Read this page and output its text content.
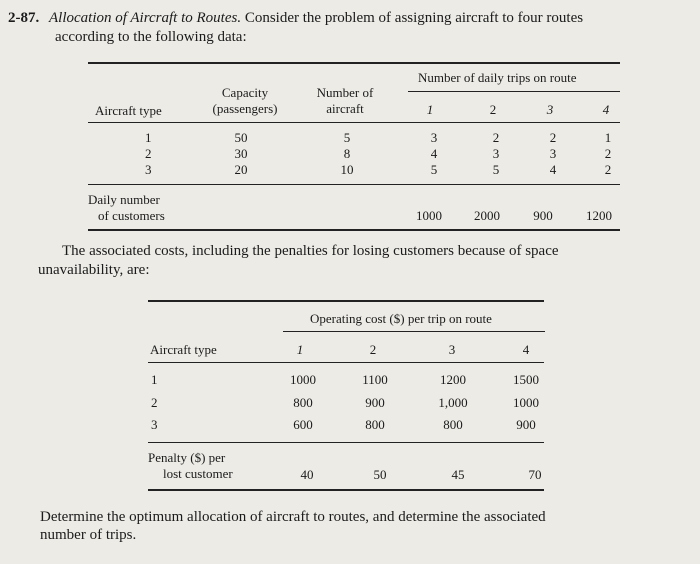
2-87. Allocation of Aircraft to Routes. Consider the problem of assigning aircraft to four routes
according to the following data:
Number of daily trips on route
Capacity
(passengers)
Number of
aircraft
Aircraft type	1	2	3	4
1	50	5	3	2	2	1
2	30	8	4	3	3	2
3	20	10	5	5	4	2
Daily number
of customers	1000 2000	900	1200
The associated costs, including the penalties for losing customers because of space
unavailability, are:
Operating cost ($) per trip on route
Aircraft type	1	2	3	4
1	1000	1100	1200	1500
2	800	900	1,000	1000
3	600	800	800	900
Penalty ($) per
lost customer	40	50	45	70
Determine the optimum allocation of aircraft to routes, and determine the associated
number of trips.
